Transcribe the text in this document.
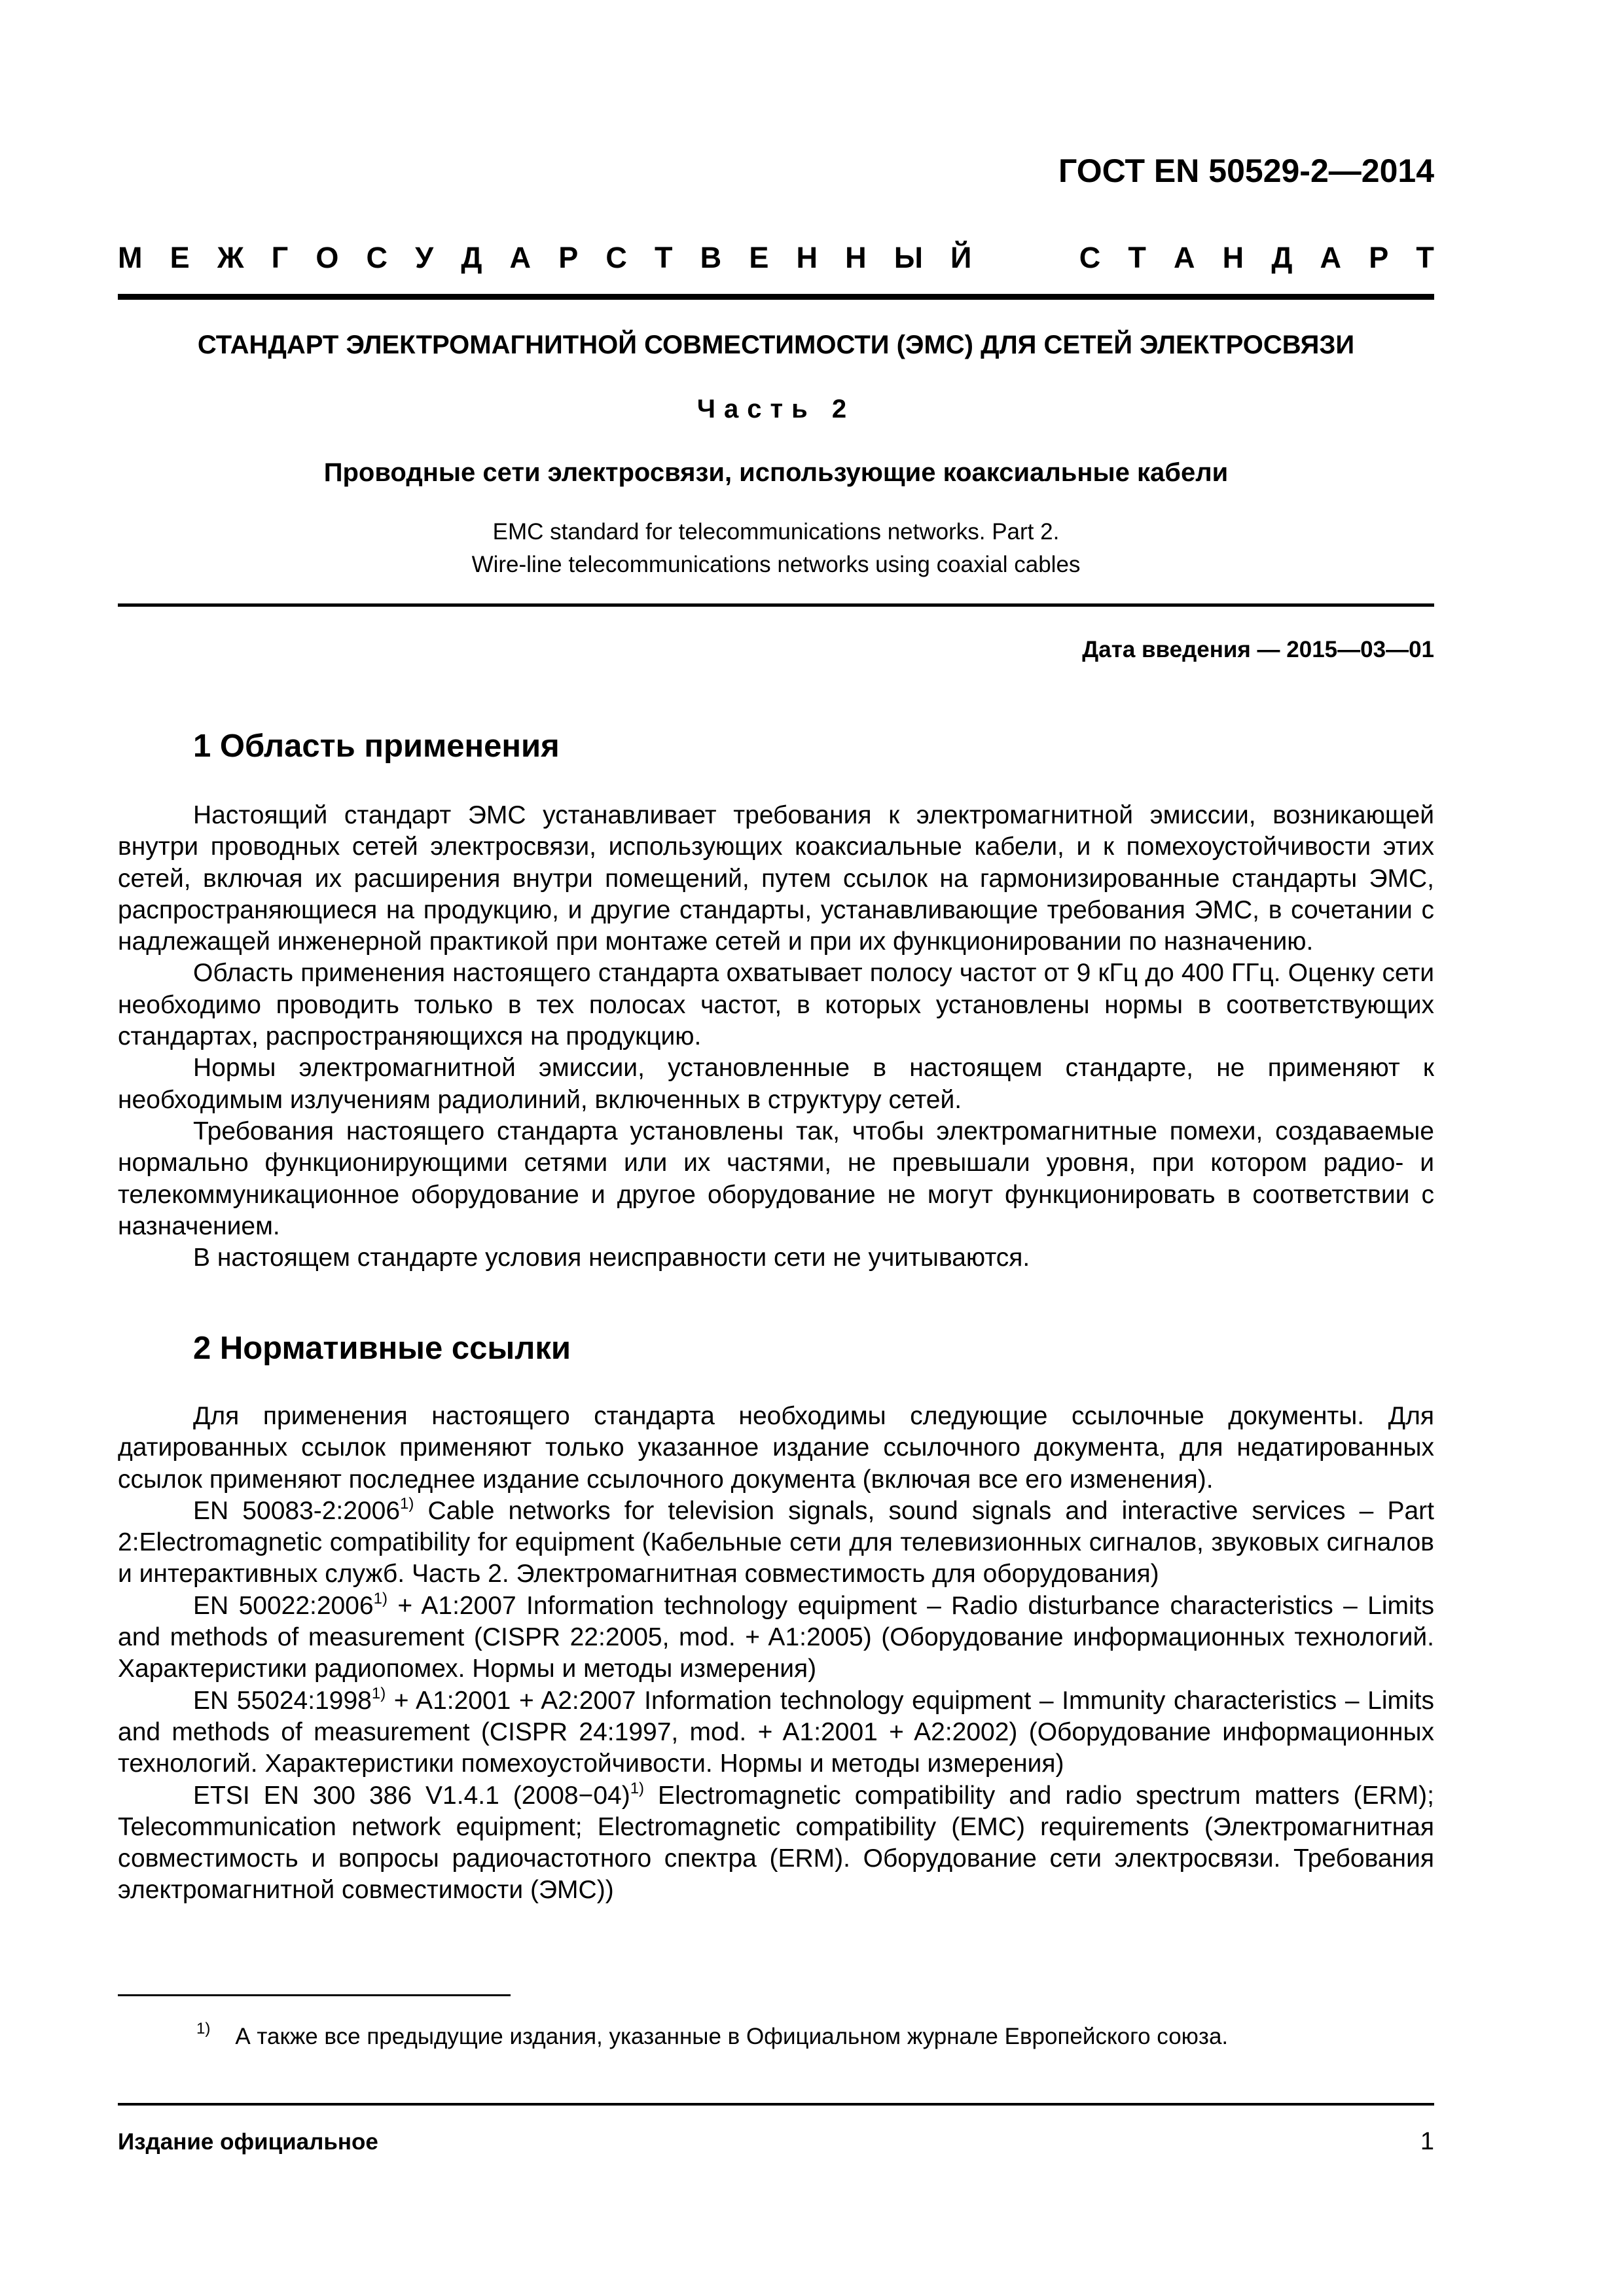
ГОСТ EN 50529-2—2014
М Е Ж Г О С У Д А Р С Т В Е Н Н Ы Й	С Т А Н Д А Р Т
СТАНДАРТ ЭЛЕКТРОМАГНИТНОЙ СОВМЕСТИМОСТИ (ЭМС) ДЛЯ СЕТЕЙ ЭЛЕКТРОСВЯЗИ
Часть 2
Проводные сети электросвязи, использующие коаксиальные кабели
EMC standard for telecommunications networks. Part 2.
Wire-line telecommunications networks using coaxial cables
Дата введения — 2015—03—01
1 Область применения

Настоящий стандарт ЭМС устанавливает требования к электромагнитной эмиссии, возникающей внутри проводных сетей электросвязи, использующих коаксиальные кабели, и к помехоустойчивости этих сетей, включая их расширения внутри помещений, путем ссылок на гармонизированные стандарты ЭМС, распространяющиеся на продукцию, и другие стандарты, устанавливающие требования ЭМС, в сочетании с надлежащей инженерной практикой при монтаже сетей и при их функционировании по назначению.

Область применения настоящего стандарта охватывает полосу частот от 9 кГц до 400 ГГц. Оценку сети необходимо проводить только в тех полосах частот, в которых установлены нормы в соответствующих стандартах, распространяющихся на продукцию.

Нормы электромагнитной эмиссии, установленные в настоящем стандарте, не применяют к необходимым излучениям радиолиний, включенных в структуру сетей.

Требования настоящего стандарта установлены так, чтобы электромагнитные помехи, создаваемые нормально функционирующими сетями или их частями, не превышали уровня, при котором радио- и телекоммуникационное оборудование и другое оборудование не могут функционировать в соответствии с назначением.

В настоящем стандарте условия неисправности сети не учитываются.

2 Нормативные ссылки

Для применения настоящего стандарта необходимы следующие ссылочные документы. Для датированных ссылок применяют только указанное издание ссылочного документа, для недатированных ссылок применяют последнее издание ссылочного документа (включая все его изменения).

EN 50083-2:2006$^{1)}$ Cable networks for television signals, sound signals and interactive services – Part 2:Electromagnetic compatibility for equipment (Кабельные сети для телевизионных сигналов, звуковых сигналов и интерактивных служб. Часть 2. Электромагнитная совместимость для оборудования)

EN $50022:2006^{1)}$ + A1:2007 Information technology equipment – Radio disturbance characteristics – Limits and methods of measurement (CISPR 22:2005, mod. + A1:2005) (Оборудование информационных технологий. Характеристики радиопомех. Нормы и методы измерения)

EN $55024:1998^{1)}$ + A1:2001 + A2:2007 Information technology equipment – Immunity characteristics – Limits and methods of measurement (CISPR 24:1997, mod. + A1:2001 + A2:2002) (Оборудование информационных технологий. Характеристики помехоустойчивости. Нормы и методы измерения)

ETSI EN 300 386 V1.4.1 $(2008-04)^{1)}$ Electromagnetic compatibility and radio spectrum matters (ERM); Telecommunication network equipment; Electromagnetic compatibility (EMC) requirements (Электромагнитная совместимость и вопросы радиочастотного спектра (ERM). Оборудование сети электросвязи. Требования электромагнитной совместимости (ЭМС))

$^{1)}$ А также все предыдущие издания, указанные в Официальном журнале Европейского союза.
Издание официальное	1
